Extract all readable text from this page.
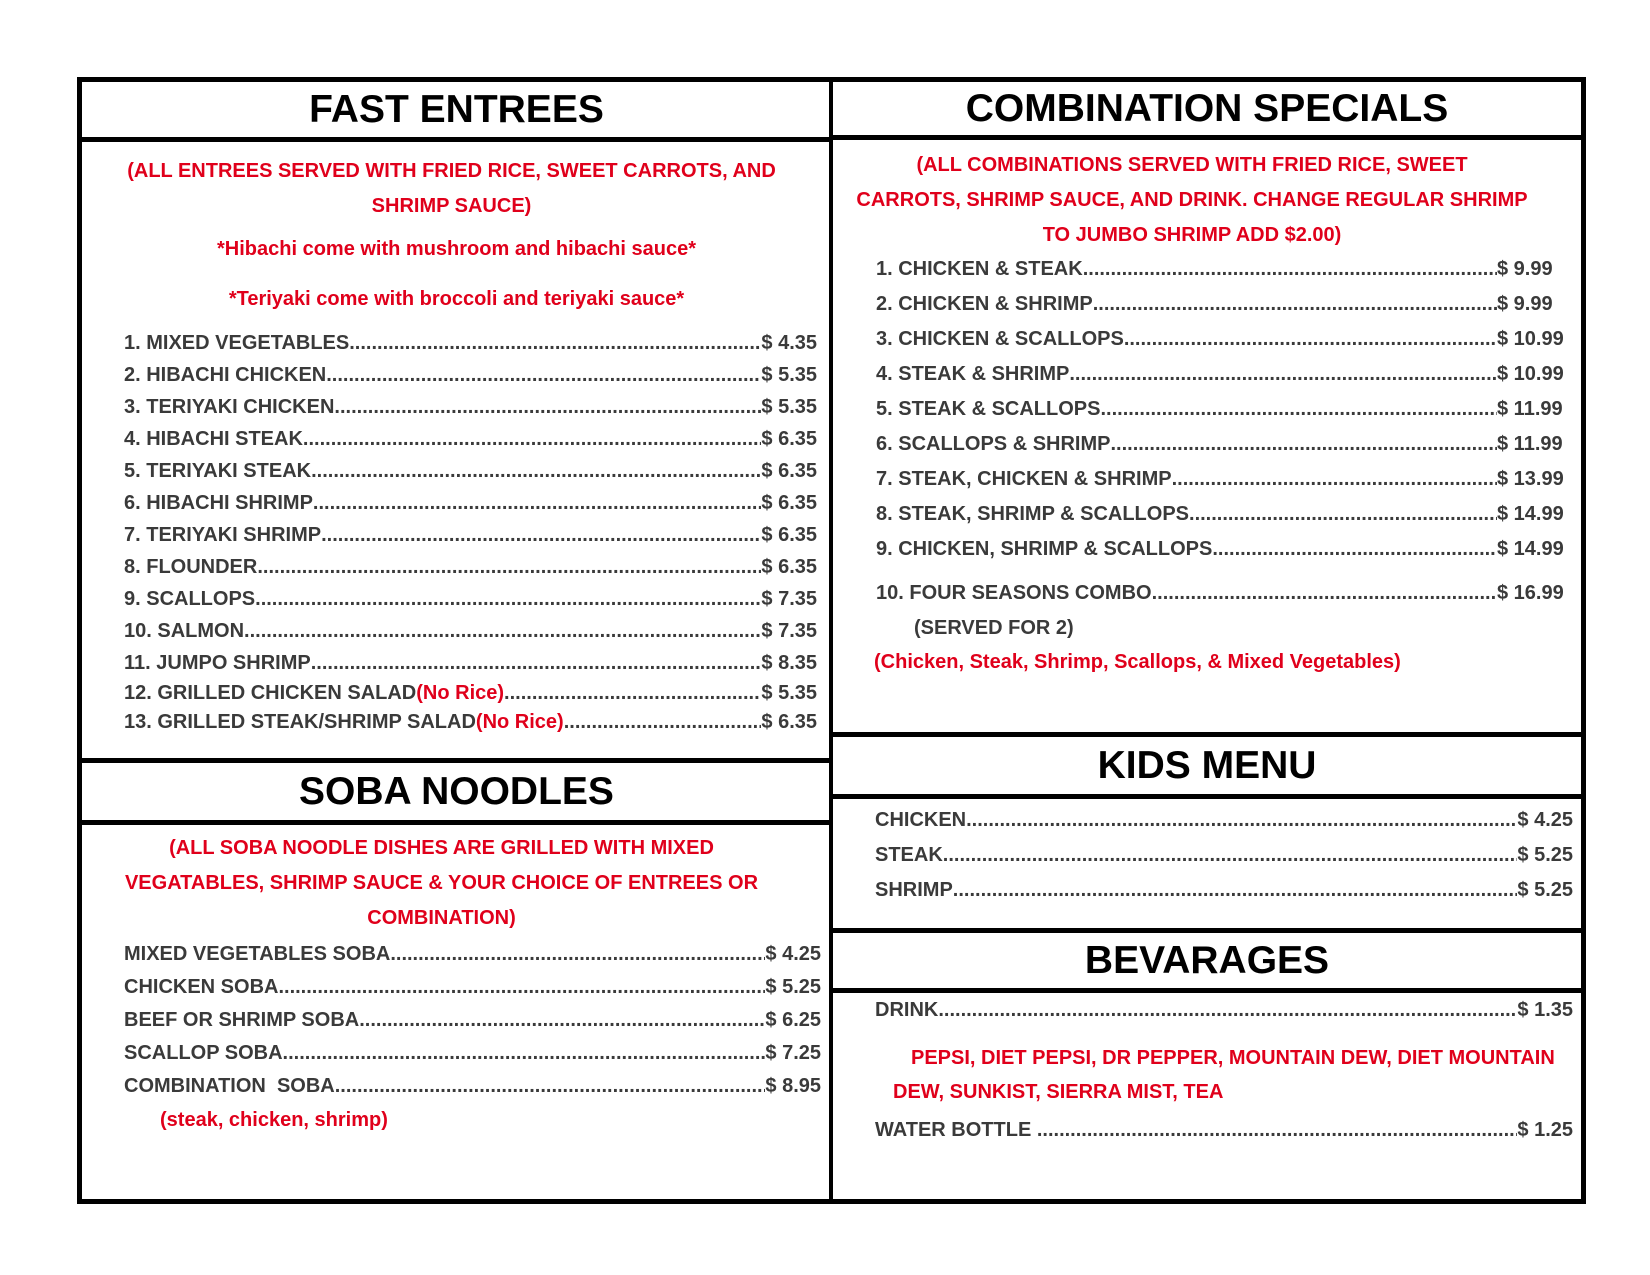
FAST ENTREES
(ALL ENTREES SERVED WITH FRIED RICE, SWEET CARROTS, AND
SHRIMP SAUCE)
*Hibachi come with mushroom and hibachi sauce*
*Teriyaki come with broccoli and teriyaki sauce*
1. MIXED VEGETABLES .....	$ 4.35
2. HIBACHI CHICKEN .....	$ 5.35
3. TERIYAKI CHICKEN .....	$ 5.35
4. HIBACHI STEAK .....	$ 6.35
5. TERIYAKI STEAK .....	$ 6.35
6. HIBACHI SHRIMP .....	$ 6.35
7. TERIYAKI SHRIMP .....	$ 6.35
8. FLOUNDER .....	$ 6.35
9. SCALLOPS .....	$ 7.35
10. SALMON .....	$ 7.35
11. JUMPO SHRIMP .....	$ 8.35
12. GRILLED CHICKEN SALAD (No Rice) .....	$ 5.35
13. GRILLED STEAK/SHRIMP SALAD (No Rice) .....	$ 6.35
SOBA NOODLES
(ALL SOBA NOODLE DISHES ARE GRILLED WITH MIXED
VEGATABLES, SHRIMP SAUCE & YOUR CHOICE OF ENTREES OR
COMBINATION)
MIXED VEGETABLES SOBA .....	$ 4.25
CHICKEN SOBA .....	$ 5.25
BEEF OR SHRIMP SOBA .....	$ 6.25
SCALLOP SOBA .....	$ 7.25
COMBINATION  SOBA .....	$ 8.95
(steak, chicken, shrimp)
COMBINATION SPECIALS
(ALL COMBINATIONS SERVED WITH FRIED RICE, SWEET
CARROTS, SHRIMP SAUCE, AND DRINK. CHANGE REGULAR SHRIMP
TO JUMBO SHRIMP ADD $2.00)
1. CHICKEN & STEAK .....	$ 9.99
2. CHICKEN & SHRIMP .....	$ 9.99
3. CHICKEN & SCALLOPS .....	$ 10.99
4. STEAK & SHRIMP .....	$ 10.99
5. STEAK & SCALLOPS .....	$ 11.99
6. SCALLOPS & SHRIMP .....	$ 11.99
7. STEAK, CHICKEN & SHRIMP .....	$ 13.99
8. STEAK, SHRIMP & SCALLOPS .....	$ 14.99
9. CHICKEN, SHRIMP & SCALLOPS .....	$ 14.99
10. FOUR SEASONS COMBO .....	$ 16.99
(SERVED FOR 2)
(Chicken, Steak, Shrimp, Scallops, & Mixed Vegetables)
KIDS MENU
CHICKEN .....	$ 4.25
STEAK .....	$ 5.25
SHRIMP .....	$ 5.25
BEVARAGES
DRINK .....	$ 1.35
PEPSI, DIET PEPSI, DR PEPPER, MOUNTAIN DEW, DIET MOUNTAIN
DEW, SUNKIST, SIERRA MIST, TEA
WATER BOTTLE .....	$ 1.25
